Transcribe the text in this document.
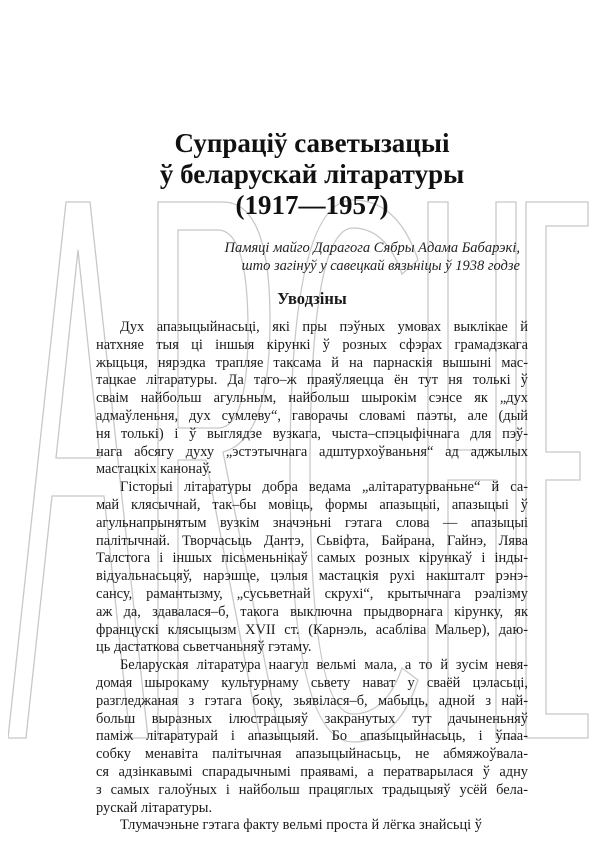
Супрацiў саветызацыi
ў беларускай лiтаратуры
(1917—1957)
Памяцi майго Дарагога Сябры Адама Бабарэкi,
што загiнуў у савецкай вязьнiцы ў 1938 годзе
Уводзiны

Дух апазыцыйнасьцi, якi пры пэўных умовах выклiкае й
натхняе тыя цi iншыя кiрункi ў розных сфэрах грамадзкага
жыцьця, нярэдка трапляе таксама й на парнаскiя вышынi мас-
тацкае лiтаратуры. Да таго–ж праяўляецца ён тут ня толькi ў
сваiм найбольш агульным, найбольш шырокiм сэнсе як „дух
адмаўленьня, дух сумлеву“, гаворачы словамi паэты, але (дый
ня толькi) i ў выглядзе вузкага, чыста–спэцыфiчнага для пэў-
нага абсягу духу „эстэтычнага адштурхоўваньня“ ад аджылых
мастацкiх канонаў.

Гiсторыi лiтаратуры добра ведама „алiтаратурваньне“ й са-
май клясычнай, так–бы мовiць, формы апазыцыi, апазыцыi ў
агульнапрынятым вузкiм значэньнi гэтага слова — апазыцыi
палiтычнай. Творчасьць Дантэ, Сьвiфта, Байрана, Гайнэ, Лява
Талстога i iншых пiсьменьнiкаў самых розных кiрункаў i iнды-
вiдуальнасьцяў, нарэшце, цэлыя мастацкiя рухi накшталт рэнэ-
сансу, рамантызму, „сусьветнай скрухi“, крытычнага рэалiзму
аж да, здавалася–б, такога выключна прыдворнага кiрунку, як
француcкi клясыцызм XVII ст. (Карнэль, асаблiва Мальер), даю-
ць дастаткова сьветчаньняў гэтаму.

Беларуская лiтаратура наагул вельмi мала, а то й зусiм невя-
домая шырокаму культурнаму сьвету нават у сваёй цэласьцi,
разгледжаная з гэтага боку, зьявiлася–б, мабыць, адной з най-
больш выразных iлюстрацыяў закранутых тут дачыненьняў
памiж лiтаратурай i апазыцыяй. Бо апазыцыйнасьць, i ўпаа-
собку менавiта палiтычная апазыцыйнасьць, не абмяжоўвала-
ся адзiнкавымi спарадычнымi праявамi, а ператварылася ў адну
з самых галоўных i найбольш працяглых традыцыяў усёй бела-
рускай лiтаратуры.

Тлумачэньне гэтага факту вельмi проста й лёгка знайсьцi ў
